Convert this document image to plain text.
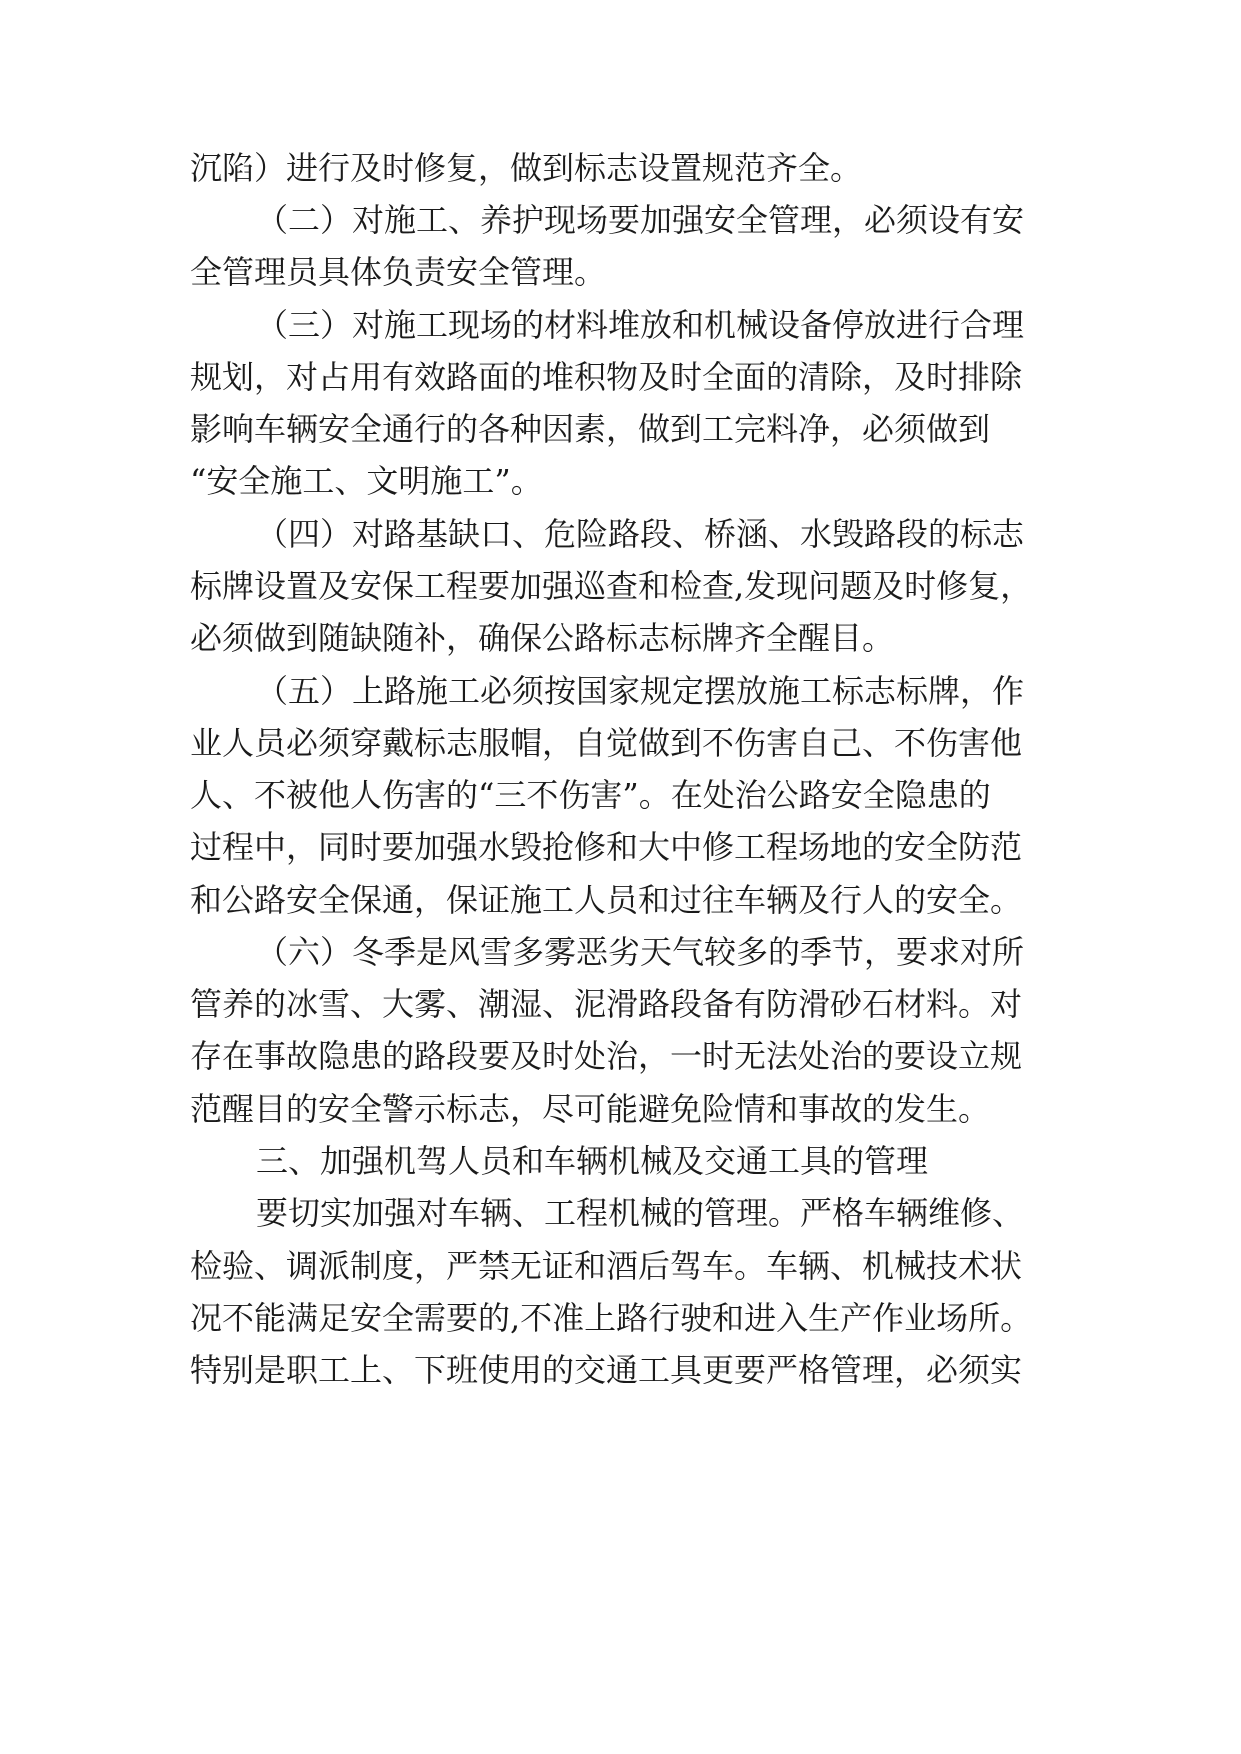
沉陷）进行及时修复，做到标志设置规范齐全。

（二）对施工、养护现场要加强安全管理，必须设有安

全管理员具体负责安全管理。

（三）对施工现场的材料堆放和机械设备停放进行合理

规划，对占用有效路面的堆积物及时全面的清除，及时排除

影响车辆安全通行的各种因素，做到工完料净，必须做到

“安全施工、文明施工”。

（四）对路基缺口、危险路段、桥涵、水毁路段的标志

标牌设置及安保工程要加强巡查和检查,发现问题及时修复，

必须做到随缺随补，确保公路标志标牌齐全醒目。

（五）上路施工必须按国家规定摆放施工标志标牌，作

业人员必须穿戴标志服帽，自觉做到不伤害自己、不伤害他

人、不被他人伤害的“三不伤害”。在处治公路安全隐患的

过程中，同时要加强水毁抢修和大中修工程场地的安全防范

和公路安全保通，保证施工人员和过往车辆及行人的安全。

（六）冬季是风雪多雾恶劣天气较多的季节，要求对所

管养的冰雪、大雾、潮湿、泥滑路段备有防滑砂石材料。对

存在事故隐患的路段要及时处治，一时无法处治的要设立规

范醒目的安全警示标志，尽可能避免险情和事故的发生。

三、加强机驾人员和车辆机械及交通工具的管理

要切实加强对车辆、工程机械的管理。严格车辆维修、

检验、调派制度，严禁无证和酒后驾车。车辆、机械技术状

况不能满足安全需要的,不准上路行驶和进入生产作业场所。

特别是职工上、下班使用的交通工具更要严格管理，必须实
